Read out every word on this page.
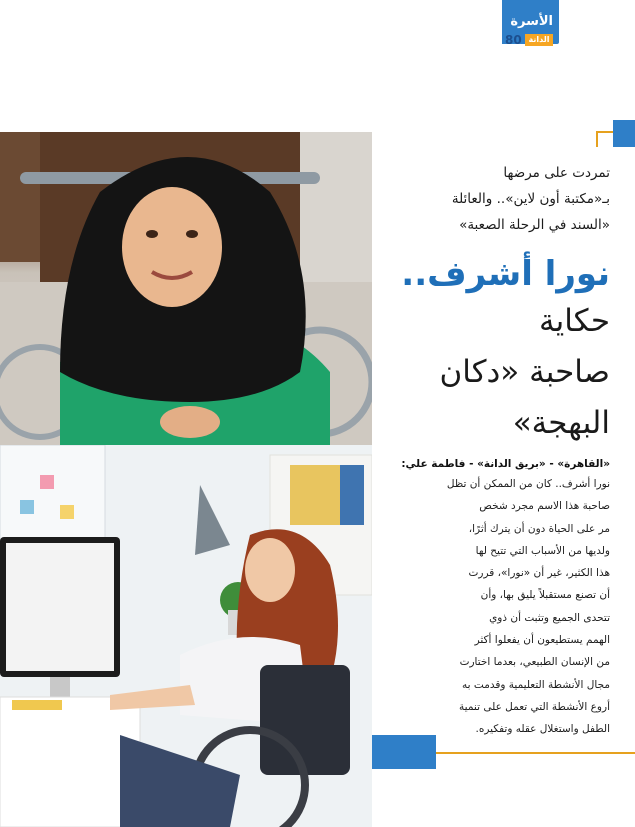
الأسرة
الدانة
80
تمردت على مرضها
بـ«مكتبة أون لاين».. والعائلة
«السند في الرحلة الصعبة»
نورا أشرف..
حكاية
صاحبة «دكان
البهجة»
«القاهرة» - «بريق الدانة» - فاطمة علي:
نورا أشرف.. كان من الممكن أن تظل
صاحبة هذا الاسم مجرد شخص
مر على الحياة دون أن يترك أثرًا،
ولديها من الأسباب التي تتيح لها
هذا الكثير، غير أن «نورا»، قررت
أن تصنع مستقبلاً يليق بها، وأن
تتحدى الجميع وتثبت أن ذوي
الهمم يستطيعون أن يفعلوا أكثر
من الإنسان الطبيعي، بعدما اختارت
مجال الأنشطة التعليمية وقدمت به
أروع الأنشطة التي تعمل على تنمية
الطفل واستغلال عقله وتفكيره.
